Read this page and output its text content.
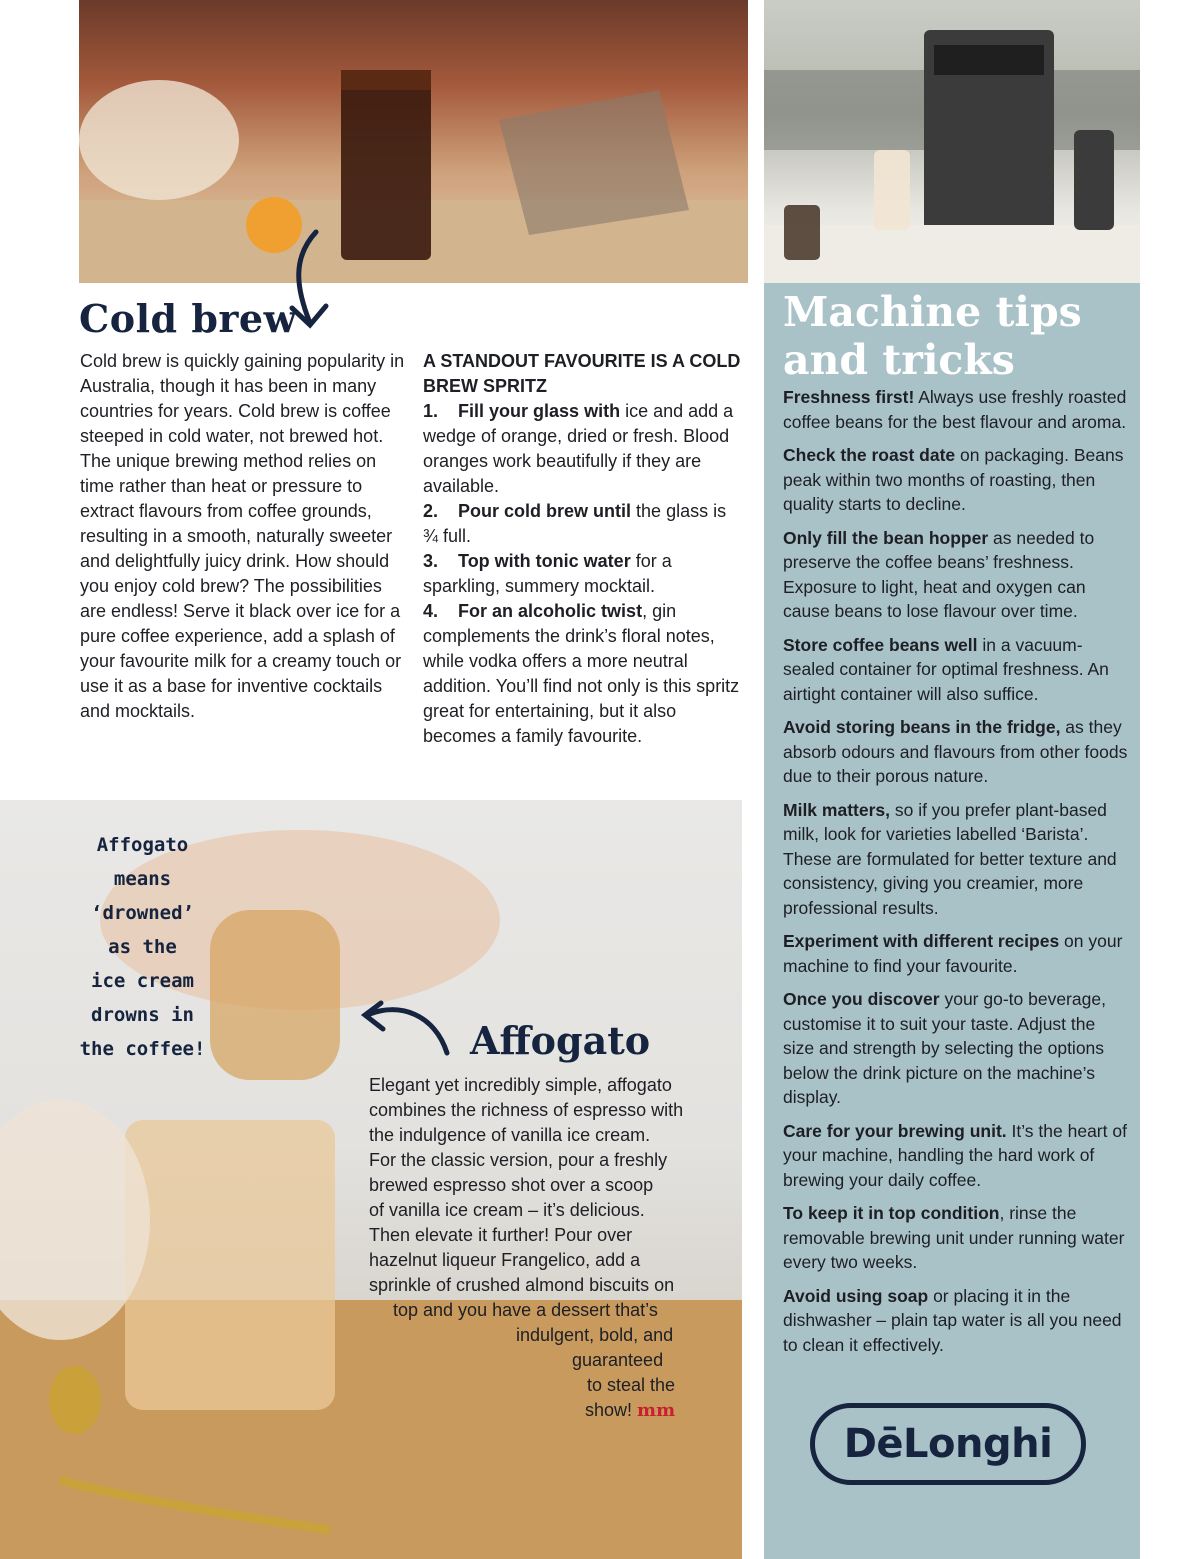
Cold brew
Cold brew is quickly gaining popularity in Australia, though it has been in many countries for years. Cold brew is coffee steeped in cold water, not brewed hot. The unique brewing method relies on time rather than heat or pressure to extract flavours from coffee grounds, resulting in a smooth, naturally sweeter and delightfully juicy drink. How should you enjoy cold brew? The possibilities are endless! Serve it black over ice for a pure coffee experience, add a splash of your favourite milk for a creamy touch or use it as a base for inventive cocktails and mocktails.
A STANDOUT FAVOURITE IS A COLD BREW SPRITZ
1. Fill your glass with ice and add a wedge of orange, dried or fresh. Blood oranges work beautifully if they are available.
2. Pour cold brew until the glass is ¾ full.
3. Top with tonic water for a sparkling, summery mocktail.
4. For an alcoholic twist, gin complements the drink’s floral notes, while vodka offers a more neutral addition. You’ll find not only is this spritz great for entertaining, but it also becomes a family favourite.
Machine tips
and tricks
Freshness first! Always use freshly roasted coffee beans for the best flavour and aroma.
Check the roast date on packaging. Beans peak within two months of roasting, then quality starts to decline.
Only fill the bean hopper as needed to preserve the coffee beans’ freshness. Exposure to light, heat and oxygen can cause beans to lose flavour over time.
Store coffee beans well in a vacuum-sealed container for optimal freshness. An airtight container will also suffice.
Avoid storing beans in the fridge, as they absorb odours and flavours from other foods due to their porous nature.
Milk matters, so if you prefer plant-based milk, look for varieties labelled ‘Barista’. These are formulated for better texture and consistency, giving you creamier, more professional results.
Experiment with different recipes on your machine to find your favourite.
Once you discover your go-to beverage, customise it to suit your taste. Adjust the size and strength by selecting the options below the drink picture on the machine’s display.
Care for your brewing unit. It’s the heart of your machine, handling the hard work of brewing your daily coffee.
To keep it in top condition, rinse the removable brewing unit under running water every two weeks.
Avoid using soap or placing it in the dishwasher – plain tap water is all you need to clean it effectively.
DēLonghi
Affogato
means
‘drowned’
as the
ice cream
drowns in
the coffee!	Affogato
Elegant yet incredibly simple, affogato
combines the richness of espresso with
the indulgence of vanilla ice cream.
For the classic version, pour a freshly
brewed espresso shot over a scoop
of vanilla ice cream – it’s delicious.
Then elevate it further! Pour over
hazelnut liqueur Frangelico, add a
sprinkle of crushed almond biscuits on
top and you have a dessert that’s
indulgent, bold, and
guaranteed
to steal the
show! mm
